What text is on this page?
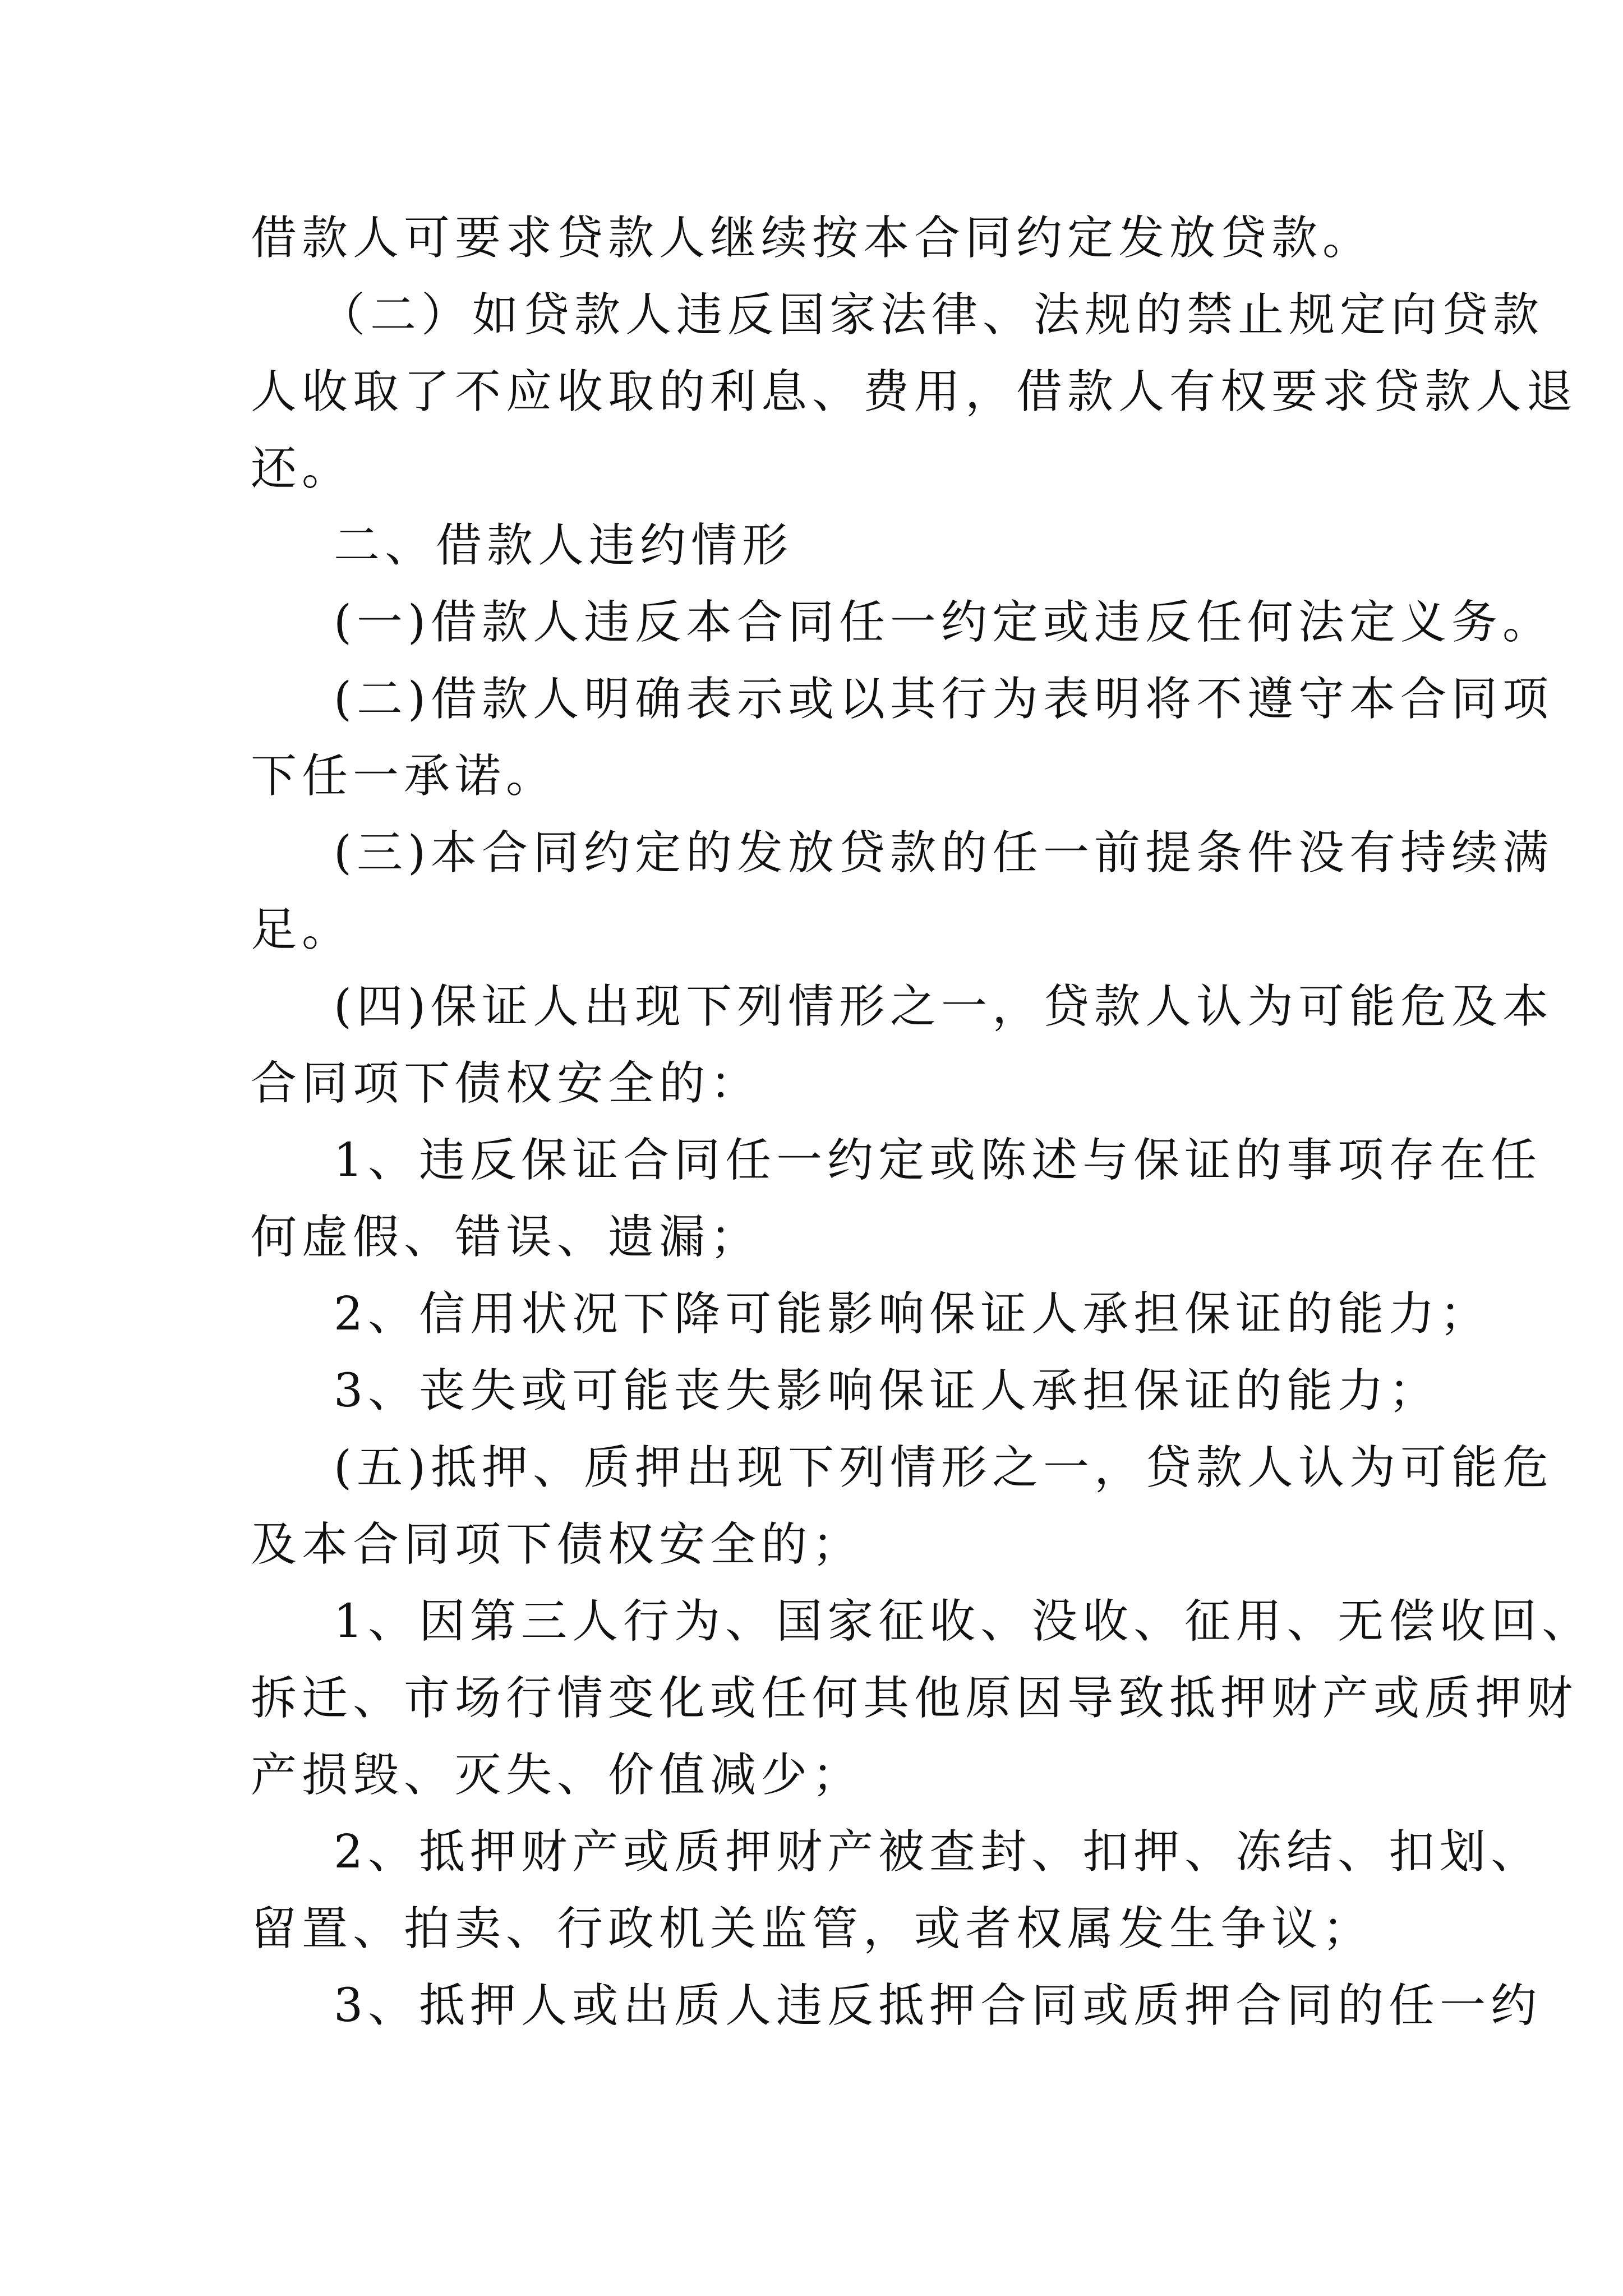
借款人可要求贷款人继续按本合同约定发放贷款。
（二）如贷款人违反国家法律、法规的禁止规定向贷款
人收取了不应收取的利息、费用，借款人有权要求贷款人退
还。
二、借款人违约情形
(一)借款人违反本合同任一约定或违反任何法定义务。
(二)借款人明确表示或以其行为表明将不遵守本合同项
下任一承诺。
(三)本合同约定的发放贷款的任一前提条件没有持续满
足。
(四)保证人出现下列情形之一，贷款人认为可能危及本
合同项下债权安全的：
1、违反保证合同任一约定或陈述与保证的事项存在任
何虚假、错误、遗漏；
2、信用状况下降可能影响保证人承担保证的能力；
3、丧失或可能丧失影响保证人承担保证的能力；
(五)抵押、质押出现下列情形之一，贷款人认为可能危
及本合同项下债权安全的；
1、因第三人行为、国家征收、没收、征用、无偿收回、
拆迁、市场行情变化或任何其他原因导致抵押财产或质押财
产损毁、灭失、价值减少；
2、抵押财产或质押财产被查封、扣押、冻结、扣划、
留置、拍卖、行政机关监管，或者权属发生争议；
3、抵押人或出质人违反抵押合同或质押合同的任一约
